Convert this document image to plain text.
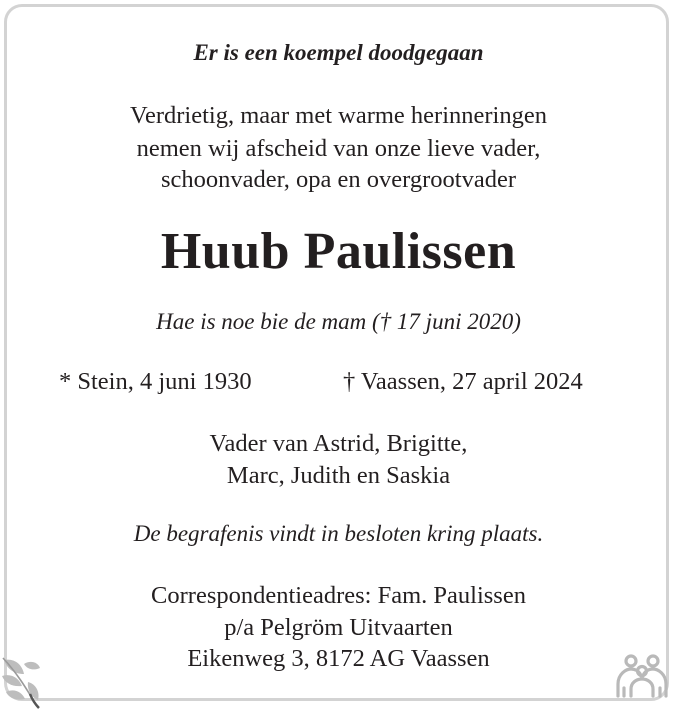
Er is een koempel doodgegaan
Verdrietig, maar met warme herinneringen
nemen wij afscheid van onze lieve vader,
schoonvader, opa en overgrootvader
Huub Paulissen
Hae is noe bie de mam († 17 juni 2020)
* Stein, 4 juni 1930	† Vaassen, 27 april 2024
Vader van Astrid, Brigitte,
Marc, Judith en Saskia
De begrafenis vindt in besloten kring plaats.
Correspondentieadres: Fam. Paulissen
p/a Pelgröm Uitvaarten
Eikenweg 3, 8172 AG Vaassen
